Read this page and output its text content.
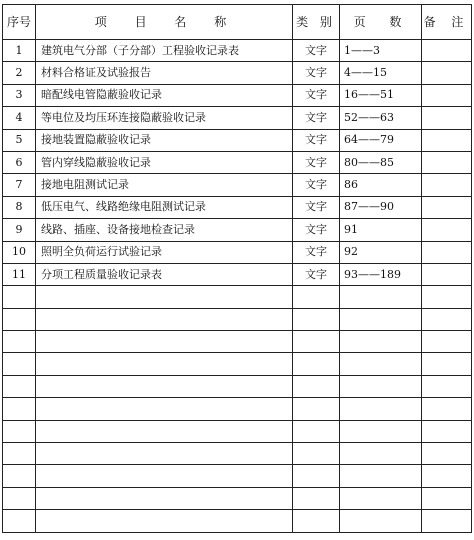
序号	项 目 名 称	类 别	页 数	备 注
1	建筑电气分部（子分部）工程验收记录表	文字	1——3	
2	材料合格证及试验报告	文字	4——15	
3	暗配线电管隐蔽验收记录	文字	16——51	
4	等电位及均压环连接隐蔽验收记录	文字	52——63	
5	接地装置隐蔽验收记录	文字	64——79	
6	管内穿线隐蔽验收记录	文字	80——85	
7	接地电阻测试记录	文字	86	
8	低压电气、线路绝缘电阻测试记录	文字	87——90	
9	线路、插座、设备接地检查记录	文字	91	
10	照明全负荷运行试验记录	文字	92	
11	分项工程质量验收记录表	文字	93——189	
